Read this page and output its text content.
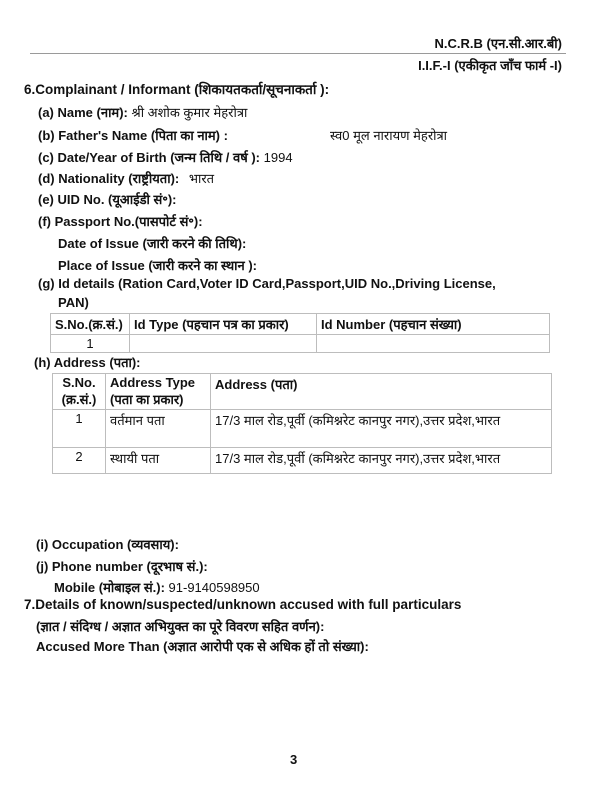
N.C.R.B (एन.सी.आर.बी)
I.I.F.-I (एकीकृत जाँच फार्म -I)
6.Complainant / Informant (शिकायतकर्ता/सूचनाकर्ता ):
(a) Name (नाम): श्री अशोक कुमार मेहरोत्रा
(b) Father's Name (पिता का नाम) :	स्व0 मूल नारायण मेहरोत्रा
(c) Date/Year of Birth (जन्म तिथि / वर्ष ): 1994
(d) Nationality (राष्ट्रीयता): भारत
(e) UID No. (यूआईडी सं॰):
(f) Passport No.(पासपोर्ट सं॰):
Date of Issue (जारी करने की तिथि):
Place of Issue (जारी करने का स्थान ):
(g) Id details (Ration Card,Voter ID Card,Passport,UID No.,Driving License,
PAN)
S.No.(क्र.सं.)	Id Type (पहचान पत्र का प्रकार)	Id Number (पहचान संख्या)
1		
(h) Address (पता):
S.No. (क्र.सं.)	Address Type (पता का प्रकार)	Address (पता)
1	वर्तमान पता	17/3 माल रोड,पूर्वी (कमिश्नरेट कानपुर नगर),उत्तर प्रदेश,भारत
2	स्थायी पता	17/3 माल रोड,पूर्वी (कमिश्नरेट कानपुर नगर),उत्तर प्रदेश,भारत
(i) Occupation (व्यवसाय):
(j) Phone number (दूरभाष सं.):
Mobile (मोबाइल सं.): 91-9140598950
7.Details of known/suspected/unknown accused with full particulars
(ज्ञात / संदिग्ध / अज्ञात अभियुक्त का पूरे विवरण सहित वर्णन):
Accused More Than (अज्ञात आरोपी एक से अधिक हों तो संख्या):
3
